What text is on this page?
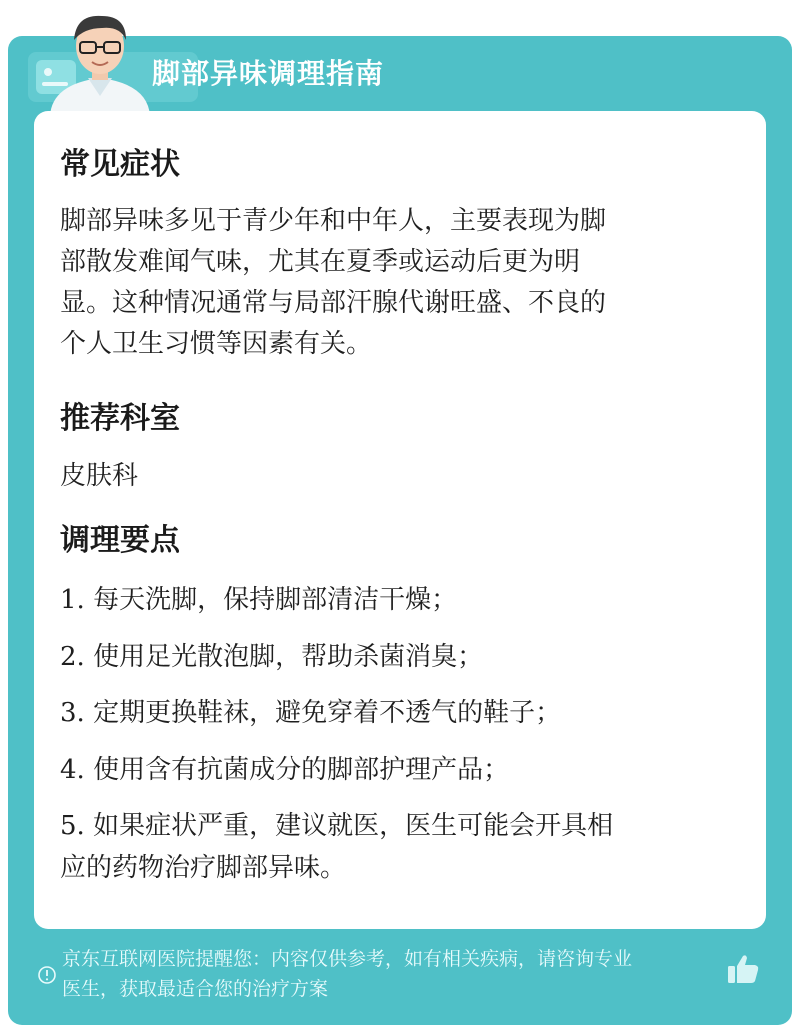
脚部异味调理指南
常见症状
脚部异味多见于青少年和中年人，主要表现为脚
部散发难闻气味，尤其在夏季或运动后更为明
显。这种情况通常与局部汗腺代谢旺盛、不良的
个人卫生习惯等因素有关。
推荐科室
皮肤科
调理要点
1. 每天洗脚，保持脚部清洁干燥；
2. 使用足光散泡脚，帮助杀菌消臭；
3. 定期更换鞋袜，避免穿着不透气的鞋子；
4. 使用含有抗菌成分的脚部护理产品；
5. 如果症状严重，建议就医，医生可能会开具相
应的药物治疗脚部异味。
京东互联网医院提醒您：内容仅供参考，如有相关疾病，请咨询专业
医生，获取最适合您的治疗方案
